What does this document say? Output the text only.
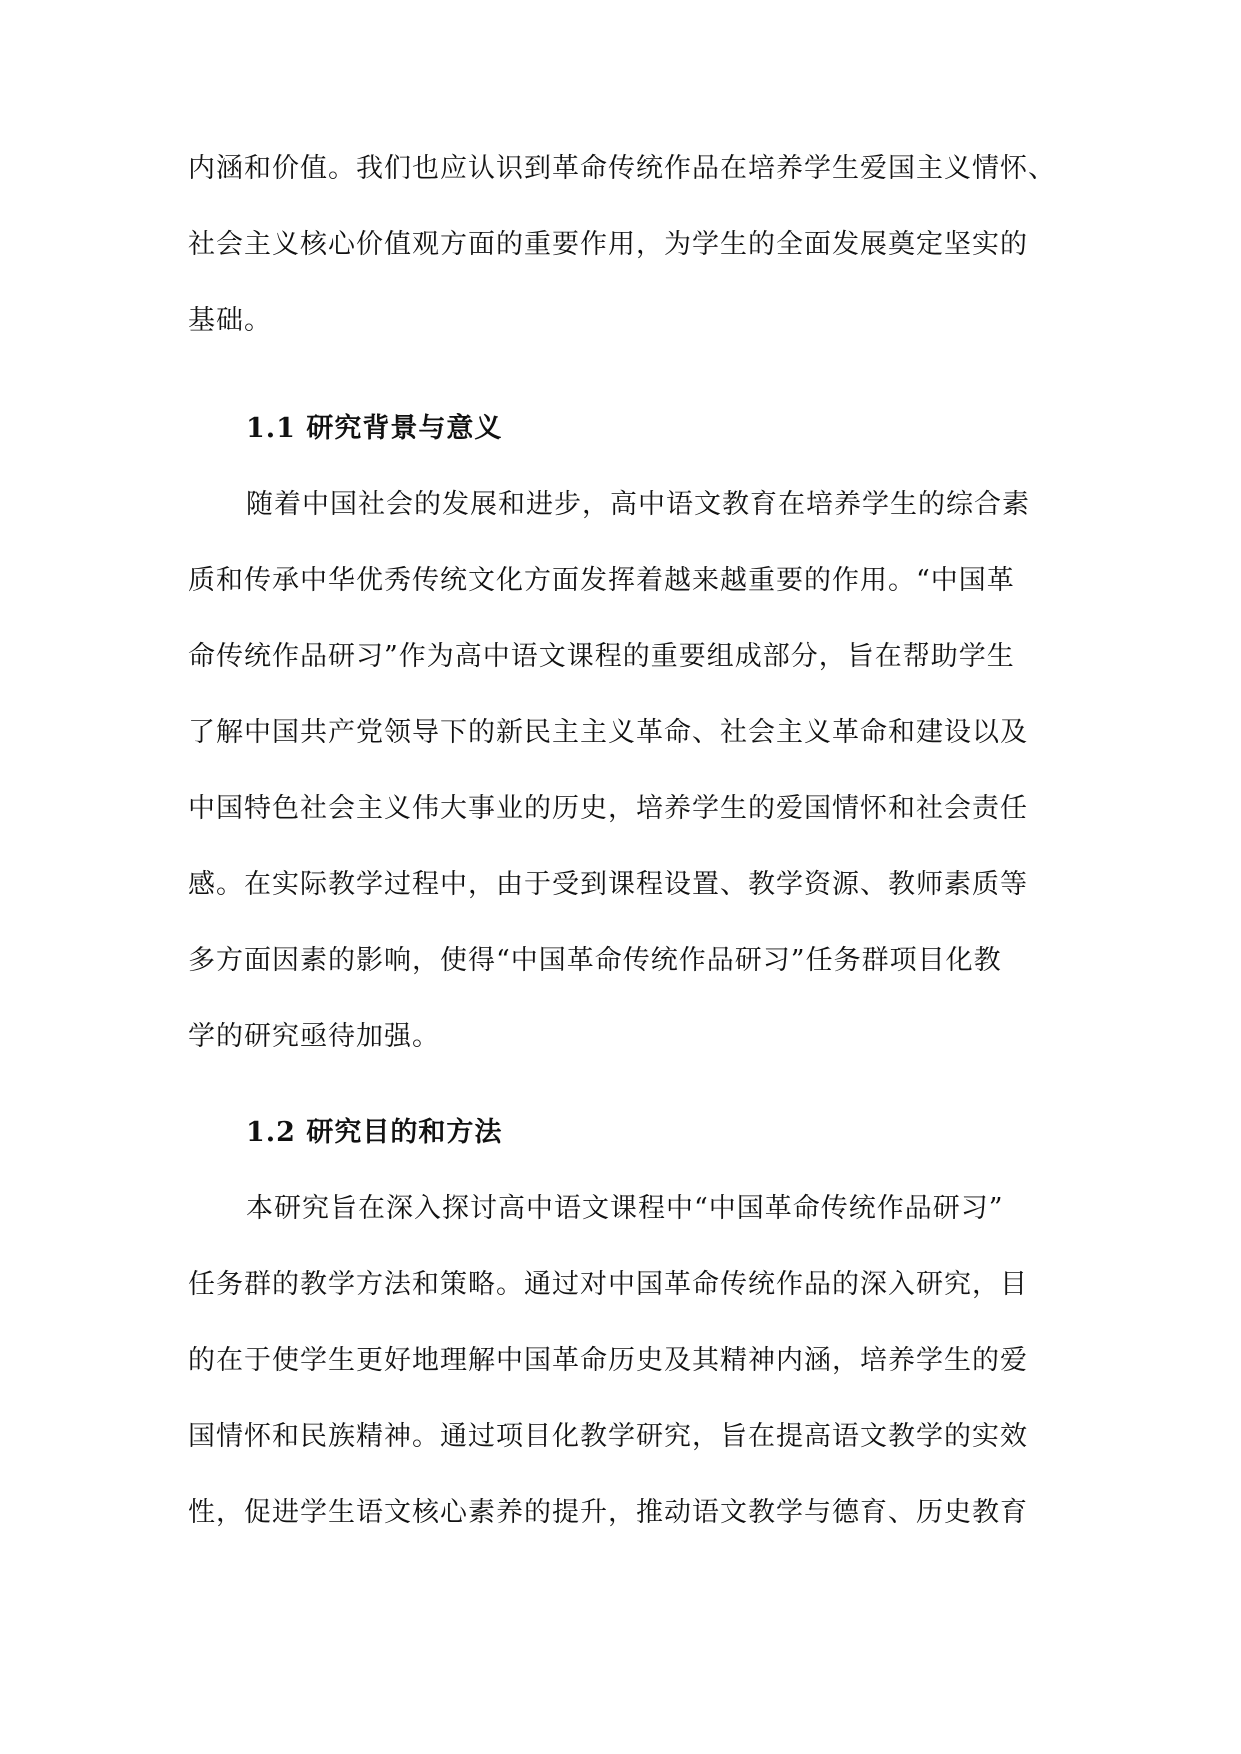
内涵和价值。我们也应认识到革命传统作品在培养学生爱国主义情怀、
社会主义核心价值观方面的重要作用，为学生的全面发展奠定坚实的
基础。
1.1 研究背景与意义
随着中国社会的发展和进步，高中语文教育在培养学生的综合素
质和传承中华优秀传统文化方面发挥着越来越重要的作用。“中国革
命传统作品研习”作为高中语文课程的重要组成部分，旨在帮助学生
了解中国共产党领导下的新民主主义革命、社会主义革命和建设以及
中国特色社会主义伟大事业的历史，培养学生的爱国情怀和社会责任
感。在实际教学过程中，由于受到课程设置、教学资源、教师素质等
多方面因素的影响，使得“中国革命传统作品研习”任务群项目化教
学的研究亟待加强。
1.2 研究目的和方法
本研究旨在深入探讨高中语文课程中“中国革命传统作品研习”
任务群的教学方法和策略。通过对中国革命传统作品的深入研究，目
的在于使学生更好地理解中国革命历史及其精神内涵，培养学生的爱
国情怀和民族精神。通过项目化教学研究，旨在提高语文教学的实效
性，促进学生语文核心素养的提升，推动语文教学与德育、历史教育
